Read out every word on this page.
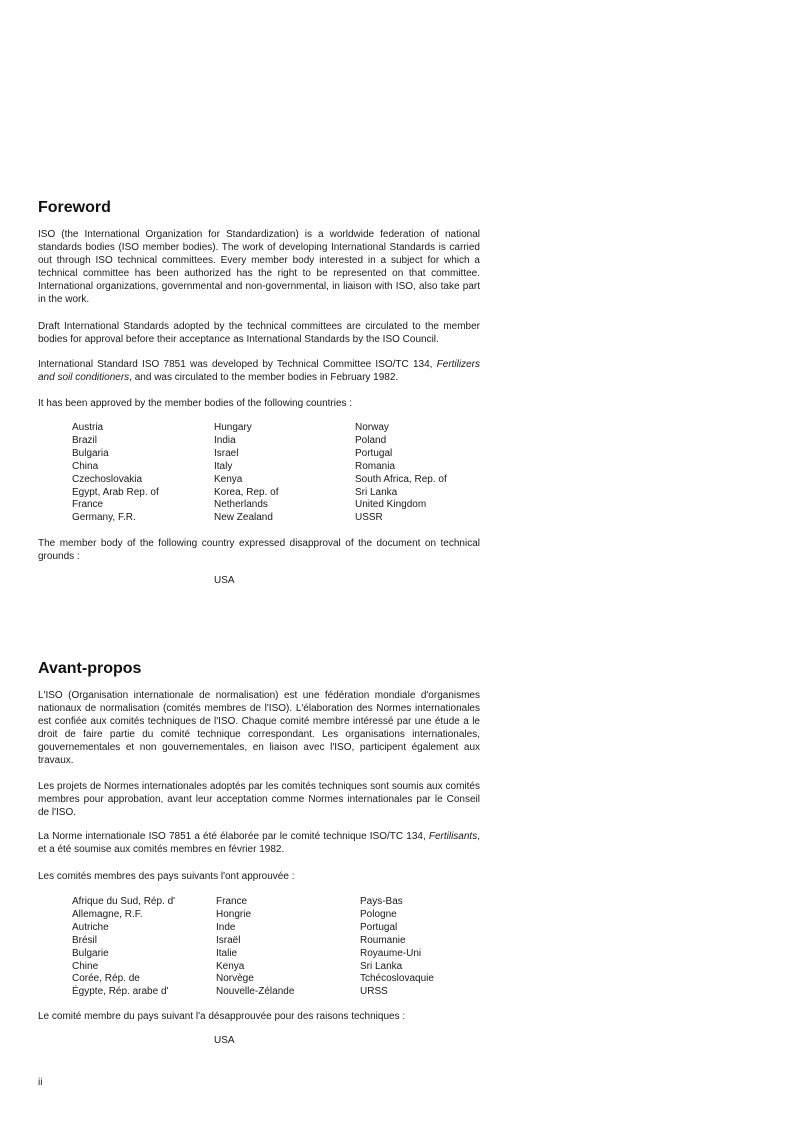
Foreword

ISO (the International Organization for Standardization) is a worldwide federation of national standards bodies (ISO member bodies). The work of developing International Standards is carried out through ISO technical committees. Every member body interested in a subject for which a technical committee has been authorized has the right to be represented on that committee. International organizations, governmental and non-governmental, in liaison with ISO, also take part in the work.

Draft International Standards adopted by the technical committees are circulated to the member bodies for approval before their acceptance as International Standards by the ISO Council.

International Standard ISO 7851 was developed by Technical Committee ISO/TC 134, Fertilizers and soil conditioners, and was circulated to the member bodies in February 1982.

It has been approved by the member bodies of the following countries :

Austria
Brazil
Bulgaria
China
Czechoslovakia
Egypt, Arab Rep. of
France
Germany, F.R.
Hungary
India
Israel
Italy
Kenya
Korea, Rep. of
Netherlands
New Zealand
Norway
Poland
Portugal
Romania
South Africa, Rep. of
Sri Lanka
United Kingdom
USSR

The member body of the following country expressed disapproval of the document on technical grounds :

USA
Avant-propos

L'ISO (Organisation internationale de normalisation) est une fédération mondiale d'organismes nationaux de normalisation (comités membres de l'ISO). L'élaboration des Normes internationales est confiée aux comités techniques de l'ISO. Chaque comité membre intéressé par une étude a le droit de faire partie du comité technique correspondant. Les organisations internationales, gouvernementales et non gouvernementales, en liaison avec l'ISO, participent également aux travaux.

Les projets de Normes internationales adoptés par les comités techniques sont soumis aux comités membres pour approbation, avant leur acceptation comme Normes internationales par le Conseil de l'ISO.

La Norme internationale ISO 7851 a été élaborée par le comité technique ISO/TC 134, Fertilisants, et a été soumise aux comités membres en février 1982.

Les comités membres des pays suivants l'ont approuvée :

Afrique du Sud, Rép. d'
Allemagne, R.F.
Autriche
Brésil
Bulgarie
Chine
Corée, Rép. de
Égypte, Rép. arabe d'
France
Hongrie
Inde
Israël
Italie
Kenya
Norvège
Nouvelle-Zélande
Pays-Bas
Pologne
Portugal
Roumanie
Royaume-Uni
Sri Lanka
Tchécoslovaquie
URSS

Le comité membre du pays suivant l'a désapprouvée pour des raisons techniques :

USA
ii
